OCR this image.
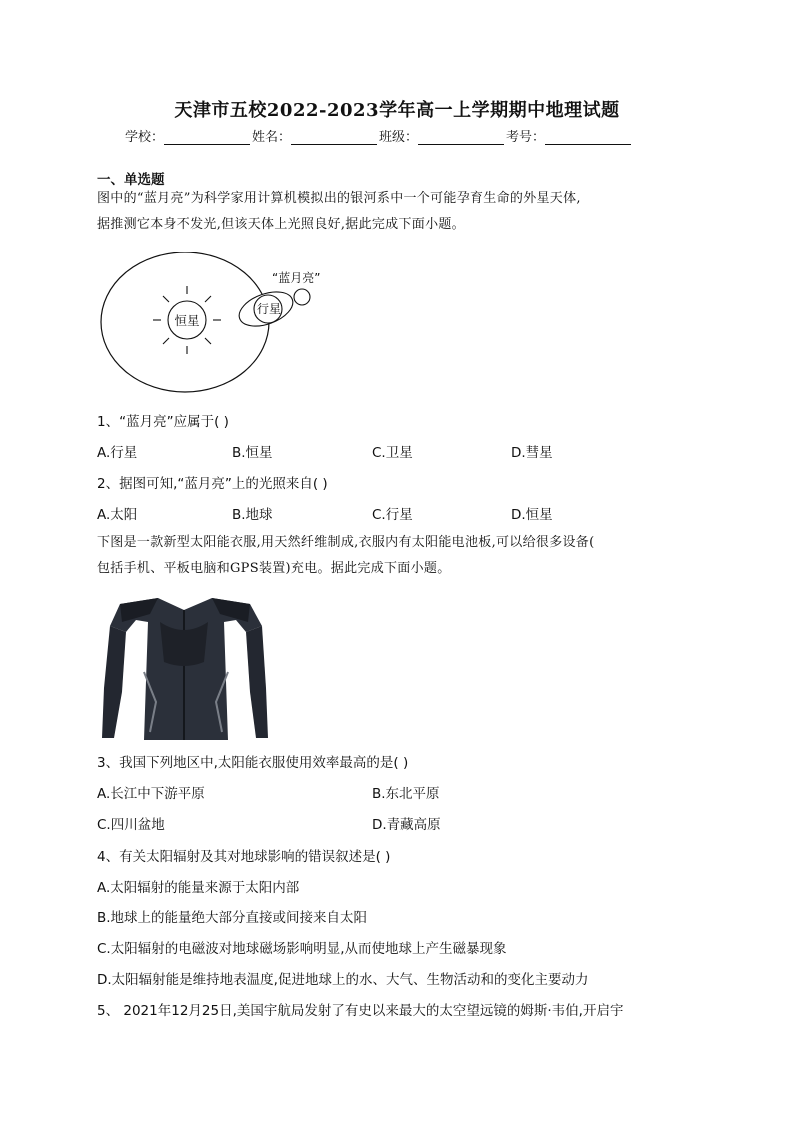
天津市五校2022-2023学年高一上学期期中地理试题
学校：	姓名：	班级：	考号：
一、单选题
图中的“蓝月亮”为科学家用计算机模拟出的银河系中一个可能孕育生命的外星天体,
据推测它本身不发光,但该天体上光照良好,据此完成下面小题。
恒星
行星
“蓝月亮”
1、“蓝月亮”应属于( )
A.行星	B.恒星	C.卫星	D.彗星
2、据图可知,“蓝月亮”上的光照来自( )
A.太阳	B.地球	C.行星	D.恒星
下图是一款新型太阳能衣服,用天然纤维制成,衣服内有太阳能电池板,可以给很多设备(
包括手机、平板电脑和GPS装置)充电。据此完成下面小题。
3、我国下列地区中,太阳能衣服使用效率最高的是( )
A.长江中下游平原	B.东北平原
C.四川盆地	D.青藏高原
4、有关太阳辐射及其对地球影响的错误叙述是( )
A.太阳辐射的能量来源于太阳内部
B.地球上的能量绝大部分直接或间接来自太阳
C.太阳辐射的电磁波对地球磁场影响明显,从而使地球上产生磁暴现象
D.太阳辐射能是维持地表温度,促进地球上的水、大气、生物活动和的变化主要动力
5、 2021年12月25日,美国宇航局发射了有史以来最大的太空望远镜的姆斯·韦伯,开启宇
